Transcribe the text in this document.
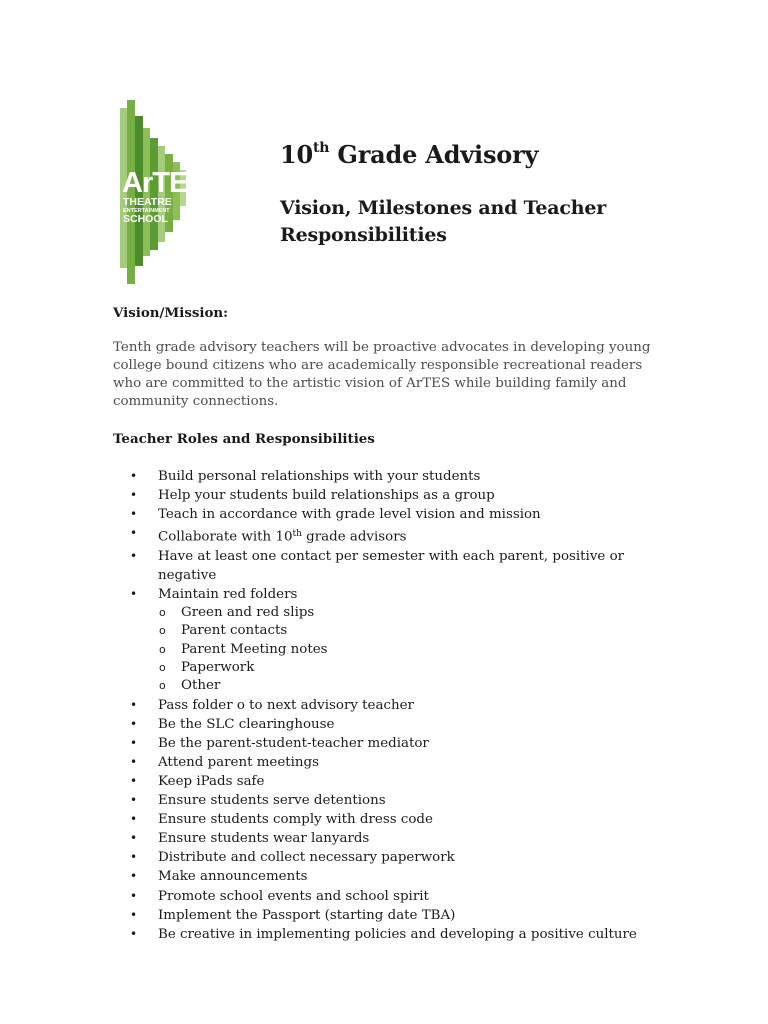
ArTES
THEATRE
ENTERTAINMENT
SCHOOL
10th Grade Advisory
Vision, Milestones and Teacher Responsibilities

Vision/Mission:

Tenth grade advisory teachers will be proactive advocates in developing young college bound citizens who are academically responsible recreational readers who are committed to the artistic vision of ArTES while building family and community connections.

Teacher Roles and Responsibilities

• Build personal relationships with your students
• Help your students build relationships as a group
• Teach in accordance with grade level vision and mission
• Collaborate with 10th grade advisors
• Have at least one contact per semester with each parent, positive or negative
• Maintain red folders
o Green and red slips
o Parent contacts
o Parent Meeting notes
o Paperwork
o Other
• Pass folder o to next advisory teacher
• Be the SLC clearinghouse
• Be the parent-student-teacher mediator
• Attend parent meetings
• Keep iPads safe
• Ensure students serve detentions
• Ensure students comply with dress code
• Ensure students wear lanyards
• Distribute and collect necessary paperwork
• Make announcements
• Promote school events and school spirit
• Implement the Passport (starting date TBA)
• Be creative in implementing policies and developing a positive culture
